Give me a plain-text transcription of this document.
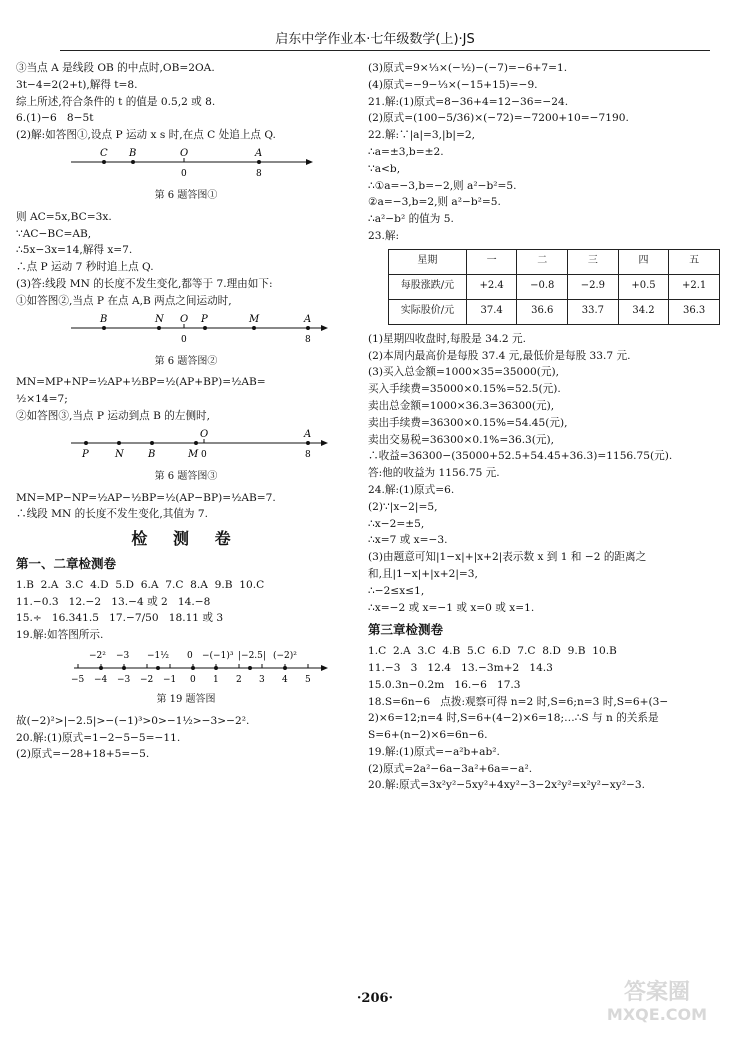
启东中学作业本·七年级数学(上)·JS
③当点 A 是线段 OB 的中点时,OB=2OA.
3t−4=2(2+t),解得 t=8.
综上所述,符合条件的 t 的值是 0.5,2 或 8.
6.(1)−6   8−5t
(2)解:如答图①,设点 P 运动 x s 时,在点 C 处追上点 Q.
C B	O	A
0	8
第 6 题答图①
则 AC=5x,BC=3x.
∵AC−BC=AB,
∴5x−3x=14,解得 x=7.
∴点 P 运动 7 秒时追上点 Q.
(3)答:线段 MN 的长度不发生变化,都等于 7.理由如下:
①如答图②,当点 P 在点 A,B 两点之间运动时,
B	N O P	M	A
0	8
第 6 题答图②
MN=MP+NP=½AP+½BP=½(AP+BP)=½AB=
½×14=7;
②如答图③,当点 P 运动到点 B 的左侧时,
P	N B
O
M
A
0	8
第 6 题答图③
MN=MP−NP=½AP−½BP=½(AP−BP)=½AB=7.
∴线段 MN 的长度不发生变化,其值为 7.
检 测 卷
第一、二章检测卷
1.B  2.A  3.C  4.D  5.D  6.A  7.C  8.A  9.B  10.C
11.−0.3   12.−2   13.−4 或 2   14.−8
15.÷   16.341.5   17.−7/50   18.11 或 3
19.解:如答图所示.
−2² −3 −1½ 0 −(−1)³ |−2.5| (−2)²
−5 −4 −3 −2 −1 0 1 2 3 4 5
第 19 题答图
故(−2)²>|−2.5|>−(−1)³>0>−1½>−3>−2².
20.解:(1)原式=1−2−5−5=−11.
(2)原式=−28+18+5=−5.
(3)原式=9×⅓×(−½)−(−7)=−6+7=1.
(4)原式=−9−⅓×(−15+15)=−9.
21.解:(1)原式=8−36+4=12−36=−24.
(2)原式=(100−5/36)×(−72)=−7200+10=−7190.
22.解:∵|a|=3,|b|=2,
∴a=±3,b=±2.
∵a<b,
∴①a=−3,b=−2,则 a²−b²=5.
②a=−3,b=2,则 a²−b²=5.
∴a²−b² 的值为 5.
23.解:
星期	一	二	三	四	五
每股涨跌/元	+2.4	−0.8	−2.9	+0.5	+2.1
实际股价/元	37.4	36.6	33.7	34.2	36.3
(1)星期四收盘时,每股是 34.2 元.
(2)本周内最高价是每股 37.4 元,最低价是每股 33.7 元.
(3)买入总金额=1000×35=35000(元),
买入手续费=35000×0.15%=52.5(元).
卖出总金额=1000×36.3=36300(元),
卖出手续费=36300×0.15%=54.45(元),
卖出交易税=36300×0.1%=36.3(元),
∴收益=36300−(35000+52.5+54.45+36.3)=1156.75(元).
答:他的收益为 1156.75 元.
24.解:(1)原式=6.
(2)∵|x−2|=5,
∴x−2=±5,
∴x=7 或 x=−3.
(3)由题意可知|1−x|+|x+2|表示数 x 到 1 和 −2 的距离之
和,且|1−x|+|x+2|=3,
∴−2≤x≤1,
∴x=−2 或 x=−1 或 x=0 或 x=1.
第三章检测卷
1.C  2.A  3.C  4.B  5.C  6.D  7.C  8.D  9.B  10.B
11.−3   3   12.4   13.−3m+2   14.3
15.0.3n−0.2m   16.−6   17.3
18.S=6n−6   点拨:观察可得 n=2 时,S=6;n=3 时,S=6+(3−
2)×6=12;n=4 时,S=6+(4−2)×6=18;…∴S 与 n 的关系是
S=6+(n−2)×6=6n−6.
19.解:(1)原式=−a²b+ab².
(2)原式=2a²−6a−3a²+6a=−a².
20.解:原式=3x²y²−5xy²+4xy²−3−2x²y²=x²y²−xy²−3.
·206·	答案圈
MXQE.COM
